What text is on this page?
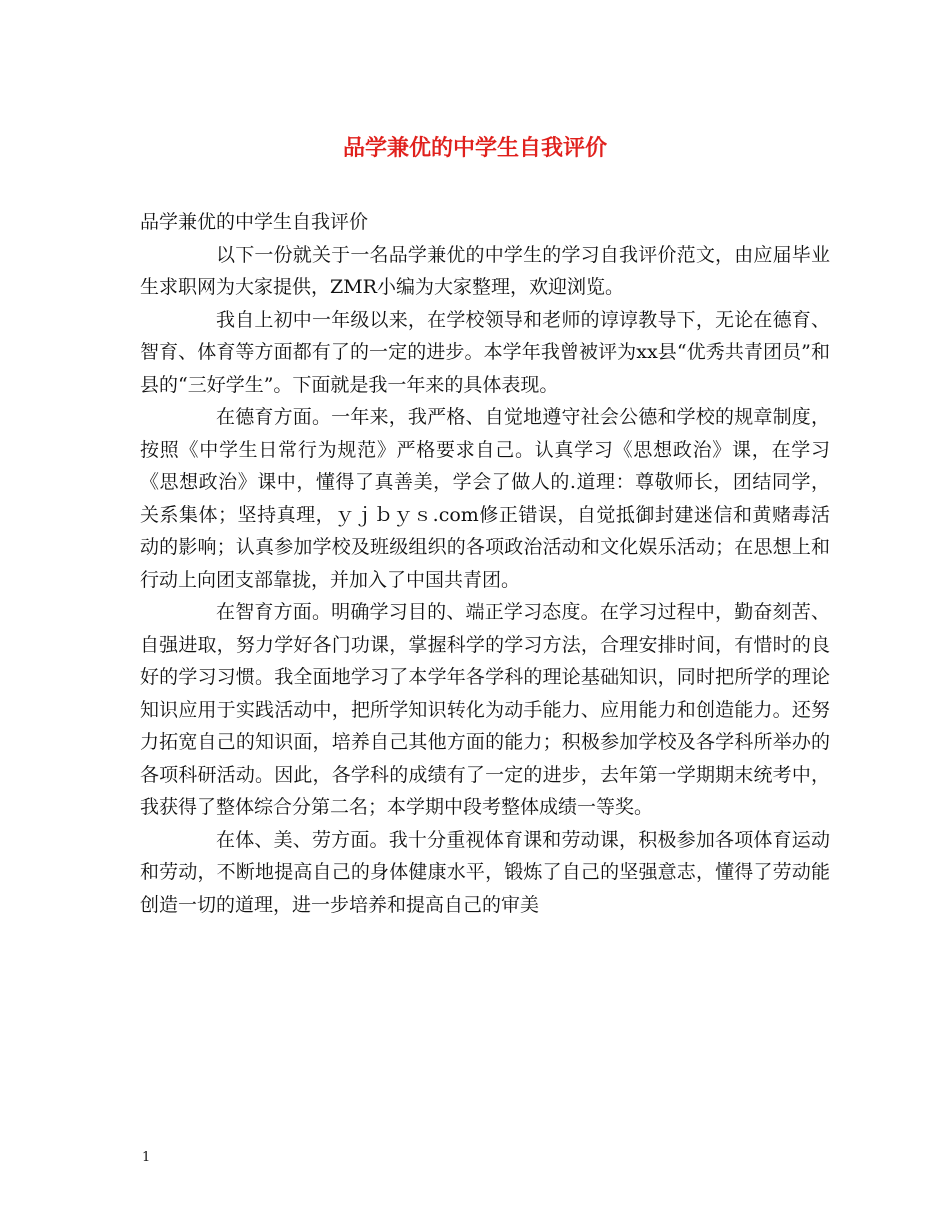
品学兼优的中学生自我评价

品学兼优的中学生自我评价

以下一份就关于一名品学兼优的中学生的学习自我评价范文，由应届毕业生求职网为大家提供，ZMR小编为大家整理，欢迎浏览。

我自上初中一年级以来，在学校领导和老师的谆谆教导下，无论在德育、智育、体育等方面都有了的一定的进步。本学年我曾被评为xx县“优秀共青团员”和县的“三好学生”。下面就是我一年来的具体表现。

在德育方面。一年来，我严格、自觉地遵守社会公德和学校的规章制度，按照《中学生日常行为规范》严格要求自己。认真学习《思想政治》课，在学习《思想政治》课中，懂得了真善美，学会了做人的.道理：尊敬师长，团结同学，关系集体；坚持真理，ｙｊｂｙｓ.com修正错误，自觉抵御封建迷信和黄赌毒活动的影响；认真参加学校及班级组织的各项政治活动和文化娱乐活动；在思想上和行动上向团支部靠拢，并加入了中国共青团。

在智育方面。明确学习目的、端正学习态度。在学习过程中，勤奋刻苦、自强进取，努力学好各门功课，掌握科学的学习方法，合理安排时间，有惜时的良好的学习习惯。我全面地学习了本学年各学科的理论基础知识，同时把所学的理论知识应用于实践活动中，把所学知识转化为动手能力、应用能力和创造能力。还努力拓宽自己的知识面，培养自己其他方面的能力；积极参加学校及各学科所举办的各项科研活动。因此，各学科的成绩有了一定的进步，去年第一学期期末统考中，我获得了整体综合分第二名；本学期中段考整体成绩一等奖。

在体、美、劳方面。我十分重视体育课和劳动课，积极参加各项体育运动和劳动，不断地提高自己的身体健康水平，锻炼了自己的坚强意志，懂得了劳动能创造一切的道理，进一步培养和提高自己的审美

1
